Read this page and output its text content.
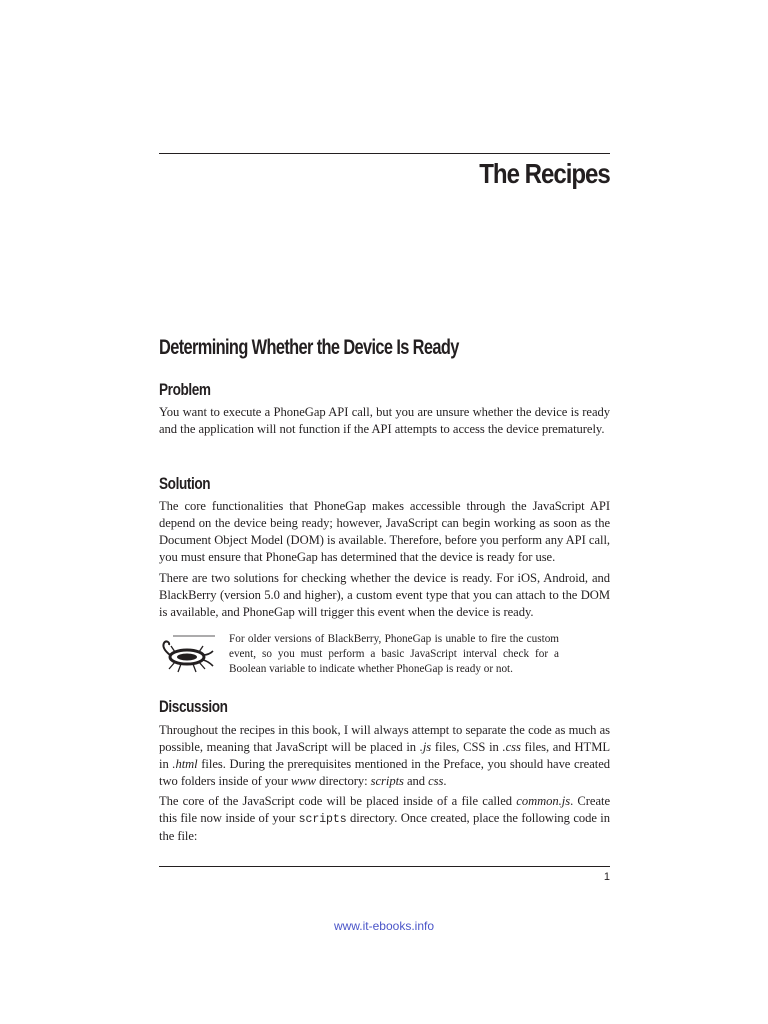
The Recipes
Determining Whether the Device Is Ready
Problem

You want to execute a PhoneGap API call, but you are unsure whether the device is ready and the application will not function if the API attempts to access the device prematurely.

Solution

The core functionalities that PhoneGap makes accessible through the JavaScript API depend on the device being ready; however, JavaScript can begin working as soon as the Document Object Model (DOM) is available. Therefore, before you perform any API call, you must ensure that PhoneGap has determined that the device is ready for use.

There are two solutions for checking whether the device is ready. For iOS, Android, and BlackBerry (version 5.0 and higher), a custom event type that you can attach to the DOM is available, and PhoneGap will trigger this event when the device is ready.

For older versions of BlackBerry, PhoneGap is unable to fire the custom event, so you must perform a basic JavaScript interval check for a Boolean variable to indicate whether PhoneGap is ready or not.

Discussion

Throughout the recipes in this book, I will always attempt to separate the code as much as possible, meaning that JavaScript will be placed in .js files, CSS in .css files, and HTML in .html files. During the prerequisites mentioned in the Preface, you should have created two folders inside of your www directory: scripts and css.

The core of the JavaScript code will be placed inside of a file called common.js. Create this file now inside of your scripts directory. Once created, place the following code in the file:

1
www.it-ebooks.info
